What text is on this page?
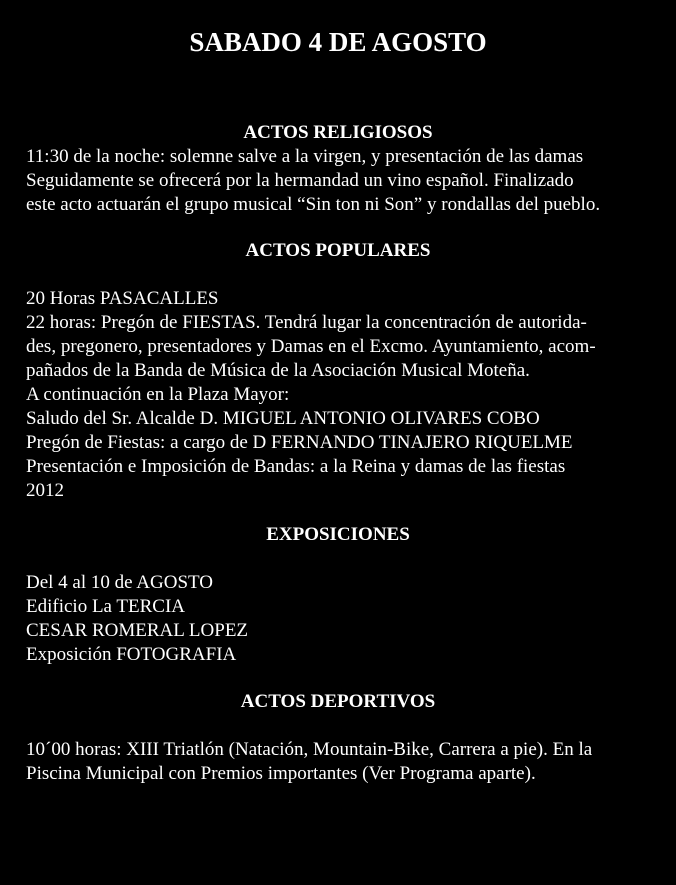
SABADO 4 DE AGOSTO
ACTOS RELIGIOSOS
11:30 de la noche: solemne salve a la virgen, y presentación de las damas
Seguidamente se ofrecerá por la hermandad un vino español. Finalizado
este acto actuarán el grupo musical “Sin ton ni Son” y rondallas del pueblo.
ACTOS POPULARES
20 Horas PASACALLES
22 horas: Pregón de FIESTAS. Tendrá lugar la concentración de autorida-
des, pregonero, presentadores y Damas en el Excmo. Ayuntamiento, acom-
pañados de la Banda de Música de la Asociación Musical Moteña.
A continuación en la Plaza Mayor:
Saludo del Sr. Alcalde D. MIGUEL ANTONIO OLIVARES COBO
Pregón de Fiestas: a cargo de D FERNANDO TINAJERO RIQUELME
Presentación e Imposición de Bandas: a la Reina y damas de las fiestas
2012
EXPOSICIONES
Del 4 al 10 de AGOSTO
Edificio La TERCIA
CESAR ROMERAL LOPEZ
Exposición FOTOGRAFIA
ACTOS DEPORTIVOS
10´00 horas: XIII Triatlón (Natación, Mountain-Bike, Carrera a pie). En la
Piscina Municipal con Premios importantes (Ver Programa aparte).
